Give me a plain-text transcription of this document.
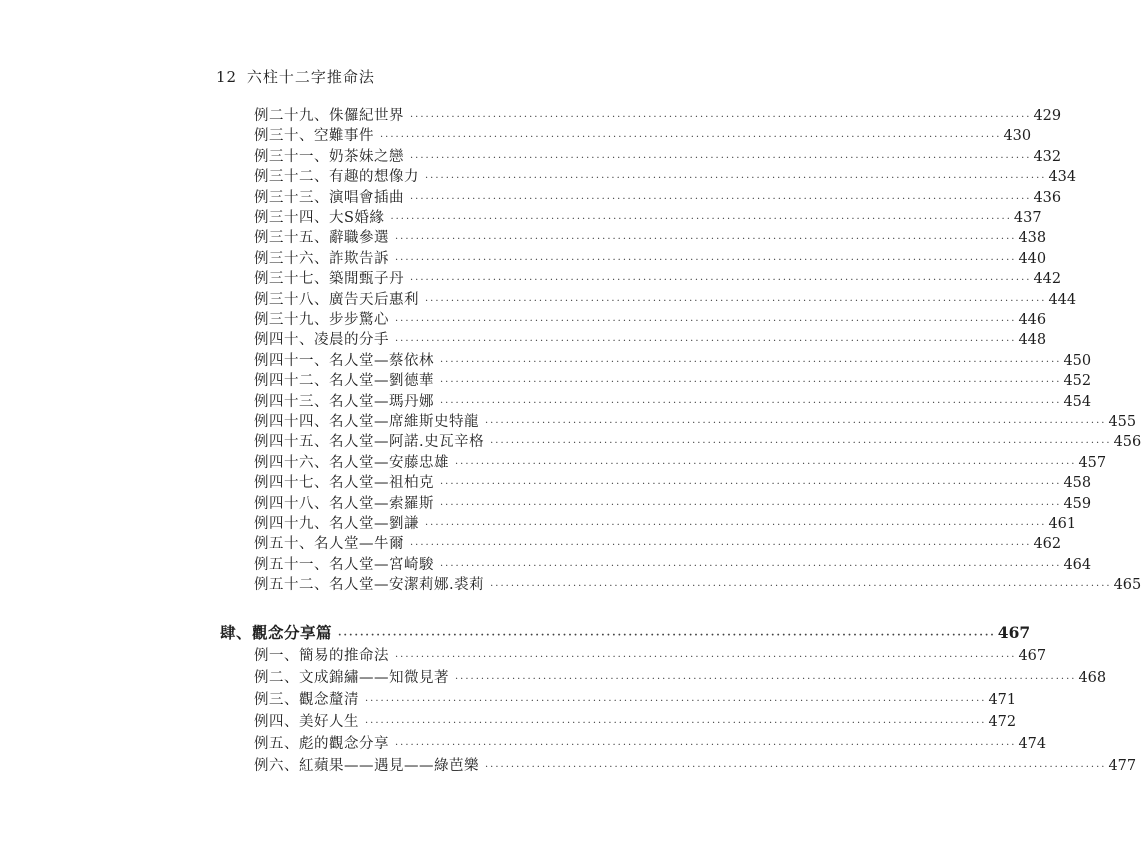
12 六柱十二字推命法
例二十九、侏儸紀世界 ························································································································ 429
例三十、空難事件 ························································································································ 430
例三十一、奶茶妹之戀 ························································································································ 432
例三十二、有趣的想像力 ························································································································ 434
例三十三、演唱會插曲 ························································································································ 436
例三十四、大S婚緣 ························································································································ 437
例三十五、辭職參選 ························································································································ 438
例三十六、詐欺告訴 ························································································································ 440
例三十七、築閒甄子丹 ························································································································ 442
例三十八、廣告天后惠利 ························································································································ 444
例三十九、步步驚心 ························································································································ 446
例四十、凌晨的分手 ························································································································ 448
例四十一、名人堂—蔡依林 ························································································································ 450
例四十二、名人堂—劉德華 ························································································································ 452
例四十三、名人堂—瑪丹娜 ························································································································ 454
例四十四、名人堂—席維斯史特龍 ························································································································ 455
例四十五、名人堂—阿諾.史瓦辛格 ························································································································ 456
例四十六、名人堂—安藤忠雄 ························································································································ 457
例四十七、名人堂—祖柏克 ························································································································ 458
例四十八、名人堂—索羅斯 ························································································································ 459
例四十九、名人堂—劉謙 ························································································································ 461
例五十、名人堂—牛爾 ························································································································ 462
例五十一、名人堂—宮崎駿 ························································································································ 464
例五十二、名人堂—安潔莉娜.裘莉 ························································································································ 465
肆、觀念分享篇 ························································································································ 467
例一、簡易的推命法 ························································································································ 467
例二、文成錦繡——知微見著 ························································································································ 468
例三、觀念釐清 ························································································································ 471
例四、美好人生 ························································································································ 472
例五、彪的觀念分享 ························································································································ 474
例六、紅蘋果——遇見——綠芭樂 ························································································································ 477
